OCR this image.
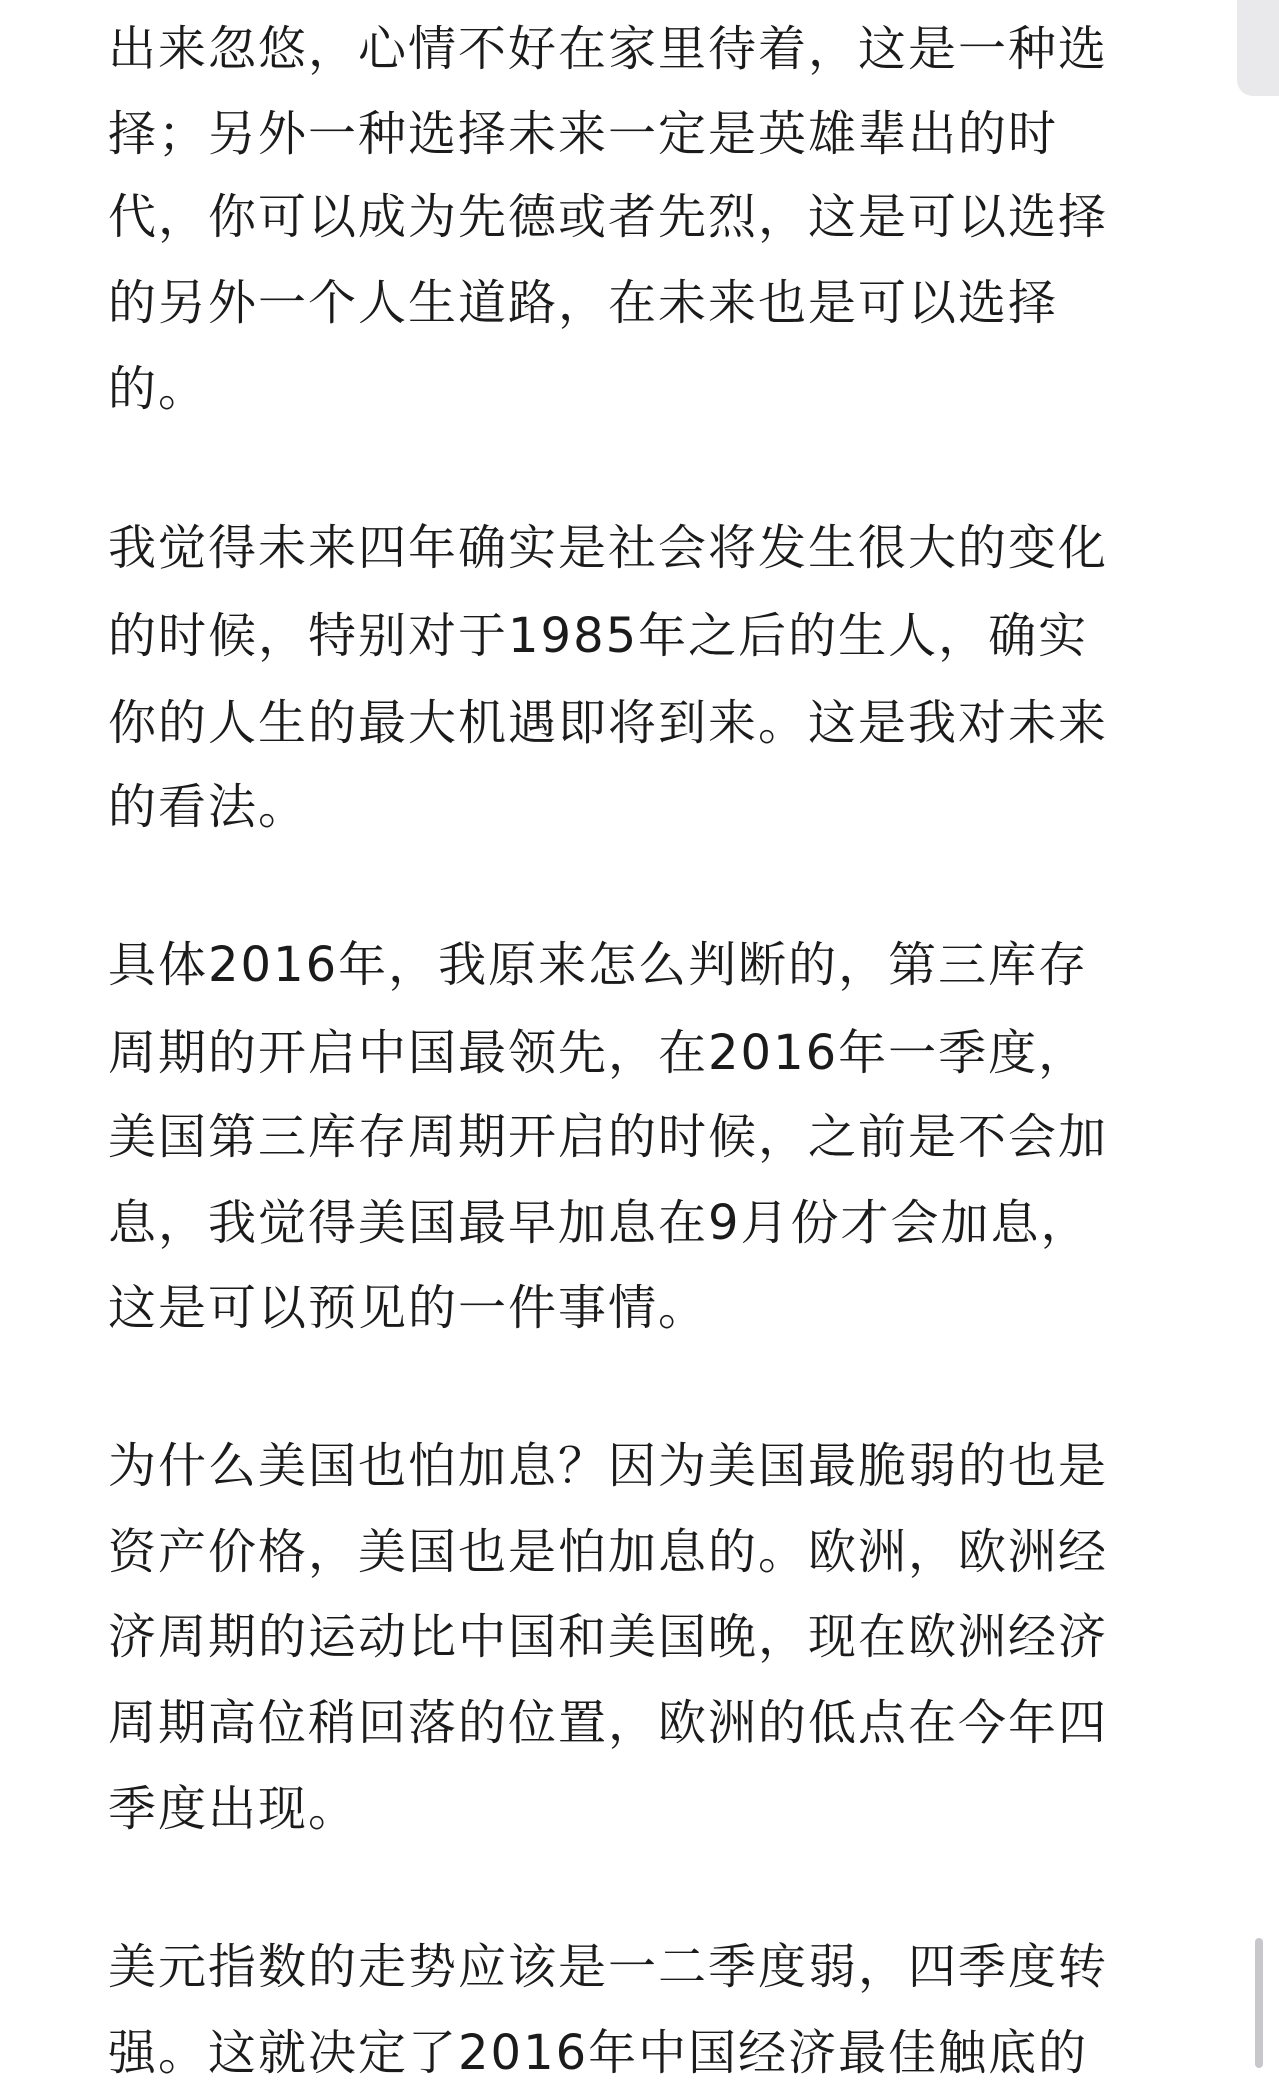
出来忽悠，心情不好在家里待着，这是一种选
择；另外一种选择未来一定是英雄辈出的时
代，你可以成为先德或者先烈，这是可以选择
的另外一个人生道路，在未来也是可以选择
的。
我觉得未来四年确实是社会将发生很大的变化
的时候，特别对于1985年之后的生人，确实
你的人生的最大机遇即将到来。这是我对未来
的看法。
具体2016年，我原来怎么判断的，第三库存
周期的开启中国最领先，在2016年一季度，
美国第三库存周期开启的时候，之前是不会加
息，我觉得美国最早加息在9月份才会加息，
这是可以预见的一件事情。
为什么美国也怕加息？因为美国最脆弱的也是
资产价格，美国也是怕加息的。欧洲，欧洲经
济周期的运动比中国和美国晚，现在欧洲经济
周期高位稍回落的位置，欧洲的低点在今年四
季度出现。
美元指数的走势应该是一二季度弱，四季度转
强。这就决定了2016年中国经济最佳触底的
